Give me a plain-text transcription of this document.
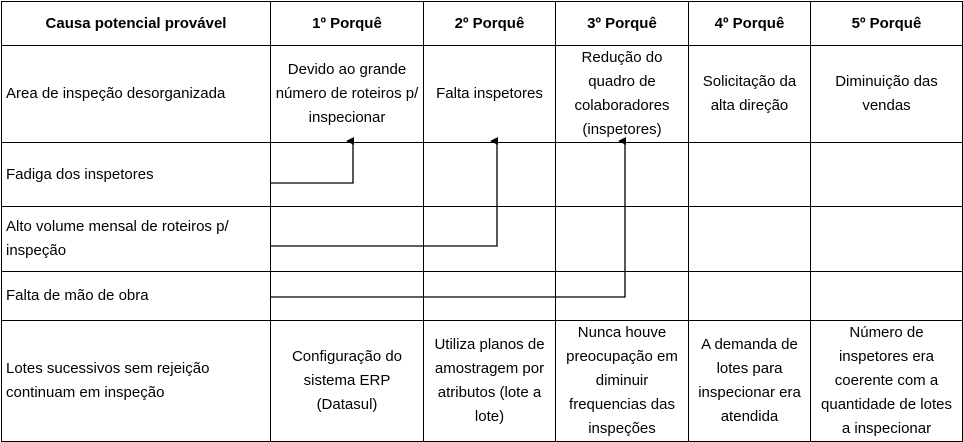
Causa potencial provável	1º Porquê	2º Porquê	3º Porquê	4º Porquê	5º Porquê
Area de inspeção desorganizada	Devido ao grande número de roteiros p/ inspecionar	Falta inspetores	Redução do quadro de colaboradores (inspetores)	Solicitação da alta direção	Diminuição das vendas
Fadiga dos inspetores					
Alto volume mensal de roteiros p/ inspeção					
Falta de mão de obra					
Lotes sucessivos sem rejeição continuam em inspeção	Configuração do sistema ERP (Datasul)	Utiliza planos de amostragem por atributos (lote a lote)	Nunca houve preocupação em diminuir frequencias das inspeções	A demanda de lotes para inspecionar era atendida	Número de inspetores era coerente com a quantidade de lotes a inspecionar
